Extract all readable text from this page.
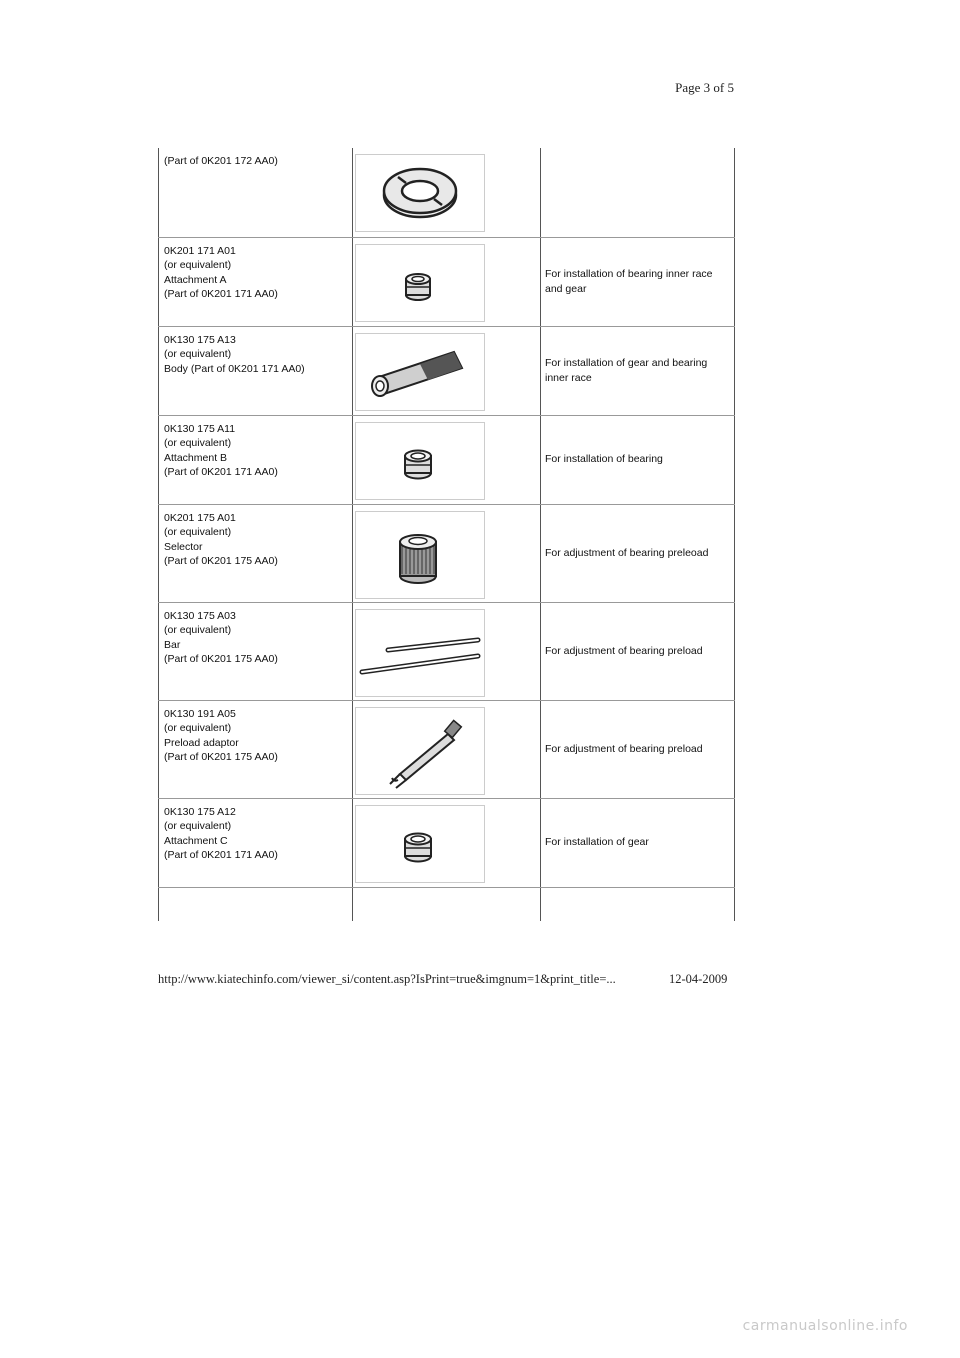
Page 3 of 5
(Part of 0K201 172 AA0)

0K201 171 A01
(or equivalent)
Attachment A
(Part of 0K201 171 AA0)		For installation of bearing inner race and gear

0K130 175 A13
(or equivalent)
Body (Part of 0K201 171 AA0)		For installation of gear and bearing inner race

0K130 175 A11
(or equivalent)
Attachment B
(Part of 0K201 171 AA0)		For installation of bearing

0K201 175 A01
(or equivalent)
Selector
(Part of 0K201 175 AA0)		For adjustment of bearing preleoad

0K130 175 A03
(or equivalent)
Bar
(Part of 0K201 175 AA0)		For adjustment of bearing preload

0K130 191 A05
(or equivalent)
Preload adaptor
(Part of 0K201 175 AA0)		For adjustment of bearing preload

0K130 175 A12
(or equivalent)
Attachment C
(Part of 0K201 171 AA0)		For installation of gear

http://www.kiatechinfo.com/viewer_si/content.asp?IsPrint=true&imgnum=1&print_title=...	12-04-2009
carmanualsonline.info
